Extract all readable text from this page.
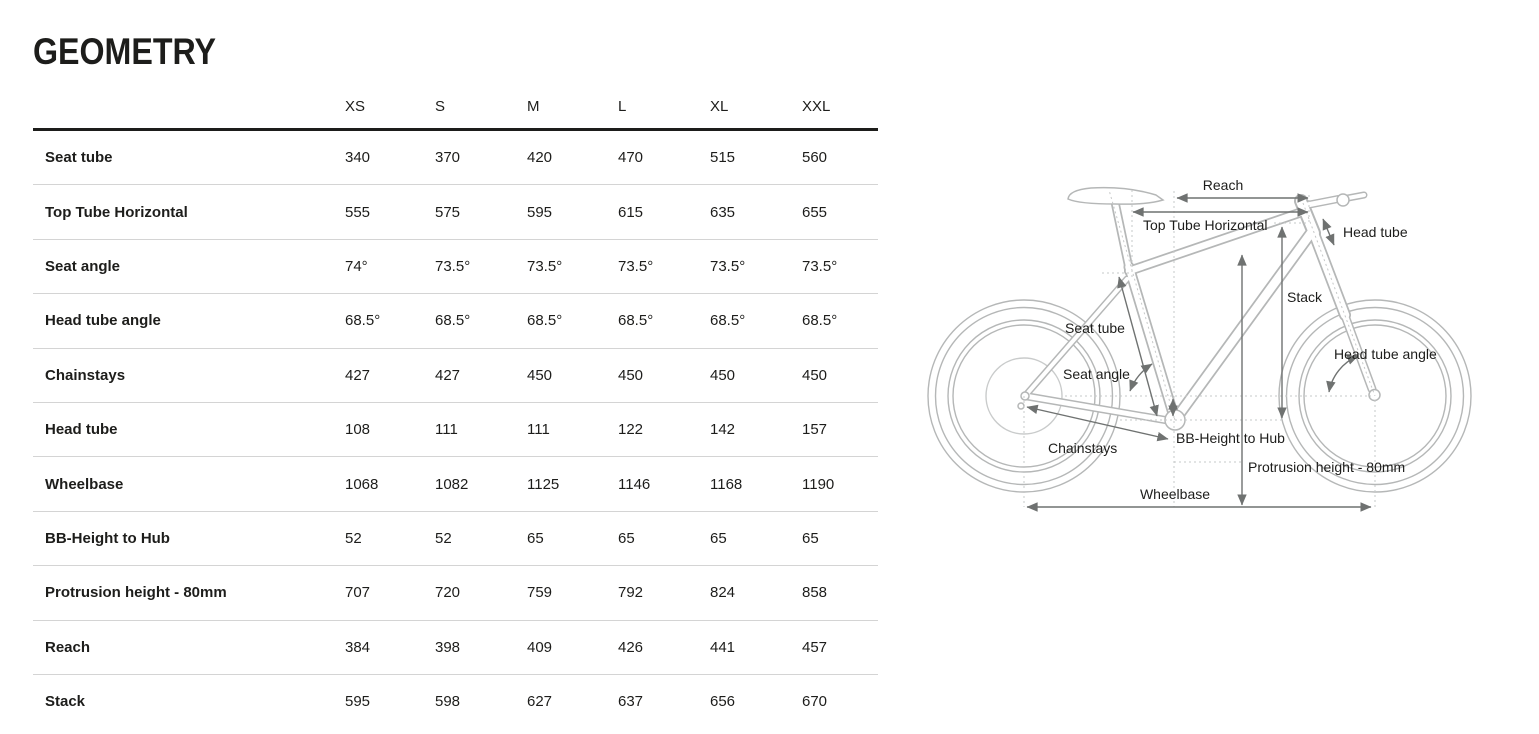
GEOMETRY
XS	S	M	L	XL	XXL
Seat tube	340	370	420	470	515	560
Top Tube Horizontal	555	575	595	615	635	655
Seat angle	74°	73.5°	73.5°	73.5°	73.5°	73.5°
Head tube angle	68.5°	68.5°	68.5°	68.5°	68.5°	68.5°
Chainstays	427	427	450	450	450	450
Head tube	108	111	111	122	142	157
Wheelbase	1068	1082	1125	1146	1168	1190
BB-Height to Hub	52	52	65	65	65	65
Protrusion height - 80mm	707	720	759	792	824	858
Reach	384	398	409	426	441	457
Stack	595	598	627	637	656	670
Reach
Top Tube Horizontal	Head tube
Stack
Seat tube
Seat angle
Head tube angle
Chainstays
BB-Height to Hub
Protrusion height - 80mm
Wheelbase
